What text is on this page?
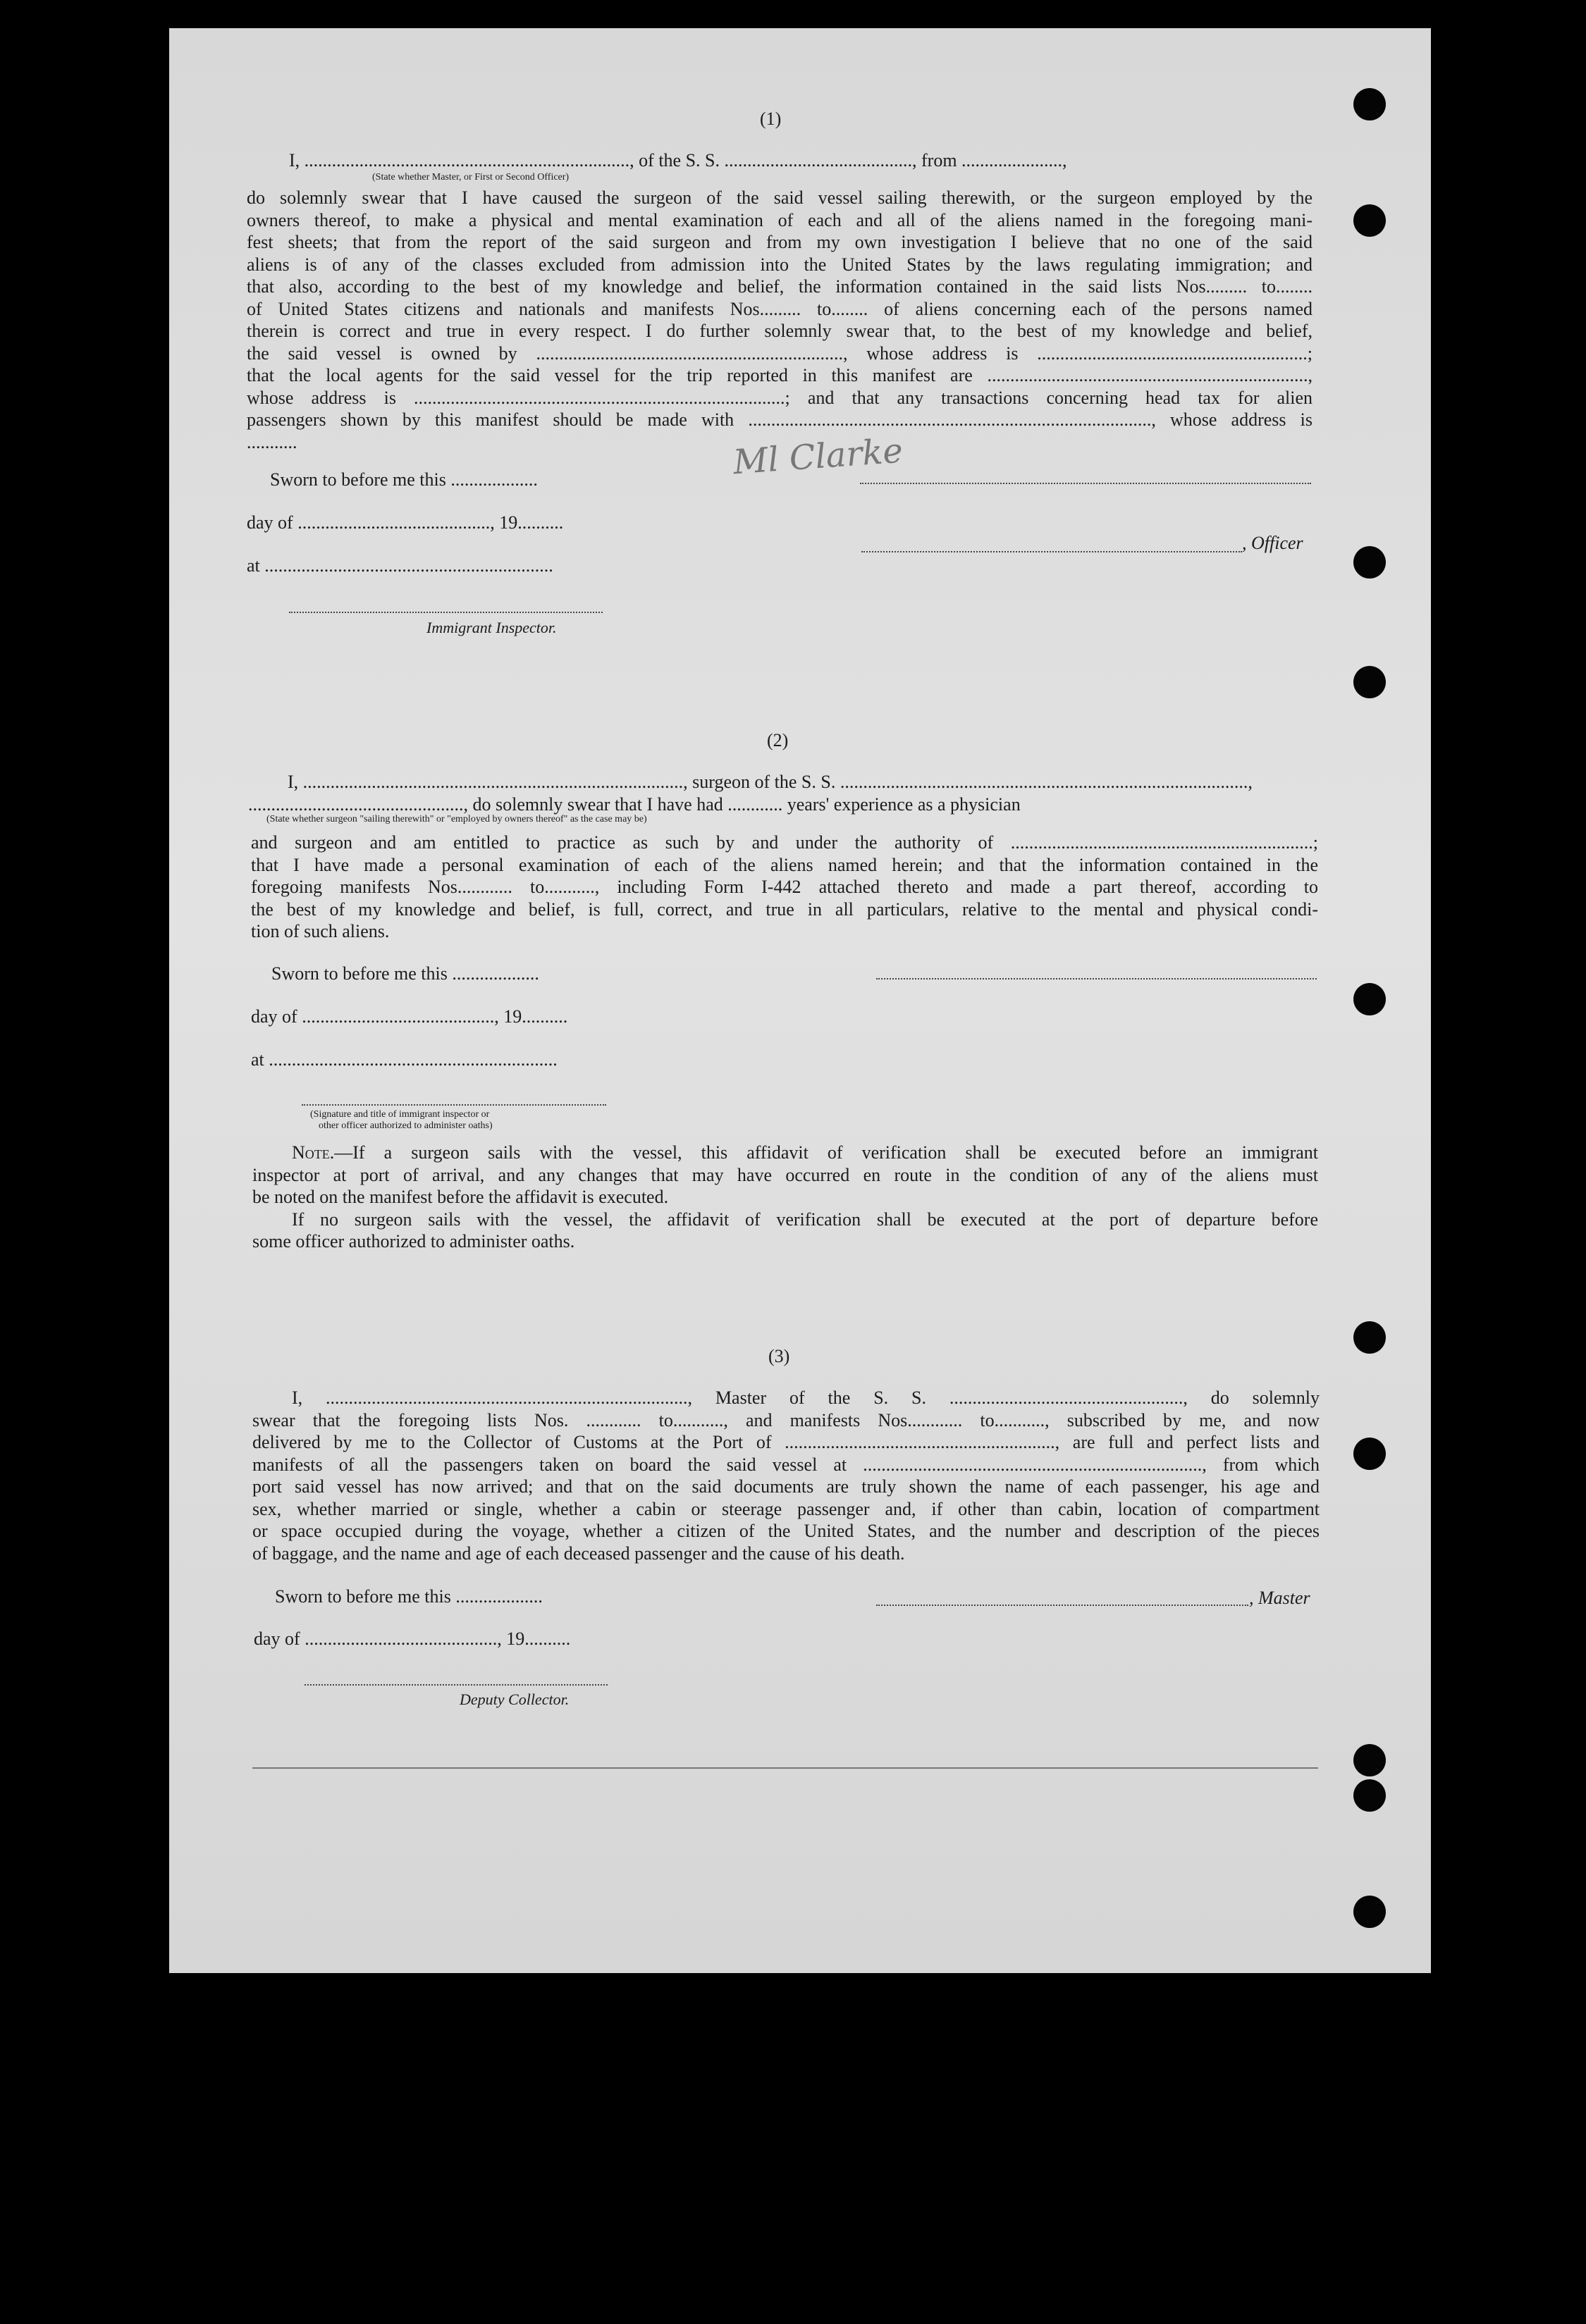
(1)
I, ......................................................................., of the S. S. ........................................., from ......................,
(State whether Master, or First or Second Officer)
do solemnly swear that I have caused the surgeon of the said vessel sailing therewith, or the surgeon employed by the
owners thereof, to make a physical and mental examination of each and all of the aliens named in the foregoing mani-
fest sheets; that from the report of the said surgeon and from my own investigation I believe that no one of the said
aliens is of any of the classes excluded from admission into the United States by the laws regulating immigration; and
that also, according to the best of my knowledge and belief, the information contained in the said lists Nos......... to........
of United States citizens and nationals and manifests Nos......... to........ of aliens concerning each of the persons named
therein is correct and true in every respect. I do further solemnly swear that, to the best of my knowledge and belief,
the said vessel is owned by ..................................................................., whose address is ...........................................................;
that the local agents for the said vessel for the trip reported in this manifest are ......................................................................,
whose address is .................................................................................; and that any transactions concerning head tax for alien
passengers shown by this manifest should be made with ........................................................................................, whose address is
...........
Sworn to before me this ...................
day of .........................................., 19..........
at ...............................................................
Immigrant Inspector.
Ml Clarke
, Officer
(2)
I, ..................................................................................., surgeon of the S. S. .........................................................................................,
..............................................., do solemnly swear that I have had ............ years' experience as a physician
(State whether surgeon "sailing therewith" or "employed by owners thereof" as the case may be)
and surgeon and am entitled to practice as such by and under the authority of ..................................................................;
that I have made a personal examination of each of the aliens named herein; and that the information contained in the
foregoing manifests Nos............ to..........., including Form I-442 attached thereto and made a part thereof, according to
the best of my knowledge and belief, is full, correct, and true in all particulars, relative to the mental and physical condi-
tion of such aliens.
Sworn to before me this ...................
day of .........................................., 19..........
at ...............................................................
(Signature and title of immigrant inspector or
other officer authorized to administer oaths)
Note.—If a surgeon sails with the vessel, this affidavit of verification shall be executed before an immigrant
inspector at port of arrival, and any changes that may have occurred en route in the condition of any of the aliens must
be noted on the manifest before the affidavit is executed.
If no surgeon sails with the vessel, the affidavit of verification shall be executed at the port of departure before
some officer authorized to administer oaths.
(3)
I, ..............................................................................., Master of the S. S. ..................................................., do solemnly
swear that the foregoing lists Nos. ............ to..........., and manifests Nos............ to..........., subscribed by me, and now
delivered by me to the Collector of Customs at the Port of ..........................................................., are full and perfect lists and
manifests of all the passengers taken on board the said vessel at .........................................................................., from which
port said vessel has now arrived; and that on the said documents are truly shown the name of each passenger, his age and
sex, whether married or single, whether a cabin or steerage passenger and, if other than cabin, location of compartment
or space occupied during the voyage, whether a citizen of the United States, and the number and description of the pieces
of baggage, and the name and age of each deceased passenger and the cause of his death.
Sworn to before me this ...................
day of .........................................., 19..........
, Master
Deputy Collector.
